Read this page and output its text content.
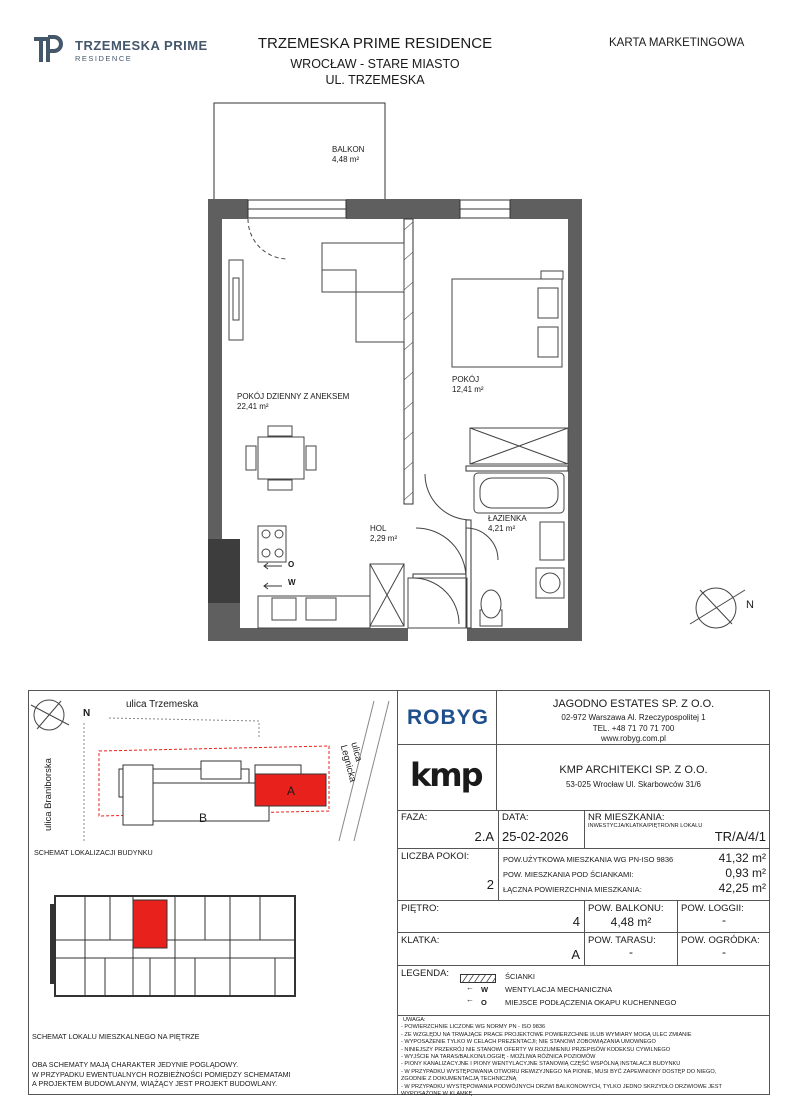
TRZEMESKA PRIME
RESIDENCE
TRZEMESKA PRIME RESIDENCE
WROCŁAW - STARE MIASTO
UL. TRZEMESKA
KARTA MARKETINGOWA
BALKON
4,48 m²
POKÓJ DZIENNY Z ANEKSEM
22,41 m²
POKÓJ
12,41 m²
HOL
2,29 m²
ŁAZIENKA
4,21 m²
O
W
N
ulica Trzemeska
ulica Braniborska
ulica Legnicka
N
A
B
SCHEMAT LOKALIZACJI BUDYNKU
SCHEMAT LOKALU MIESZKALNEGO NA PIĘTRZE
OBA SCHEMATY MAJĄ CHARAKTER JEDYNIE POGLĄDOWY.
W PRZYPADKU EWENTUALNYCH ROZBIEŻNOŚCI POMIĘDZY SCHEMATAMI
A PROJEKTEM BUDOWLANYM, WIĄŻĄCY JEST PROJEKT BUDOWLANY.
ROBYG
JAGODNO ESTATES SP. Z O.O.
02-972 Warszawa Al. Rzeczypospolitej 1
TEL. +48 71 70 71 700
www.robyg.com.pl
kmp	KMP ARCHITEKCI SP. Z O.O.
53-025 Wrocław Ul. Skarbowców 31/6
FAZA:
2.A
DATA:
25-02-2026
NR MIESZKANIA:
INWESTYCJA/KLATKA/PIĘTRO/NR LOKALU
TR/A/4/1
LICZBA POKOI:
2
POW.UŻYTKOWA MIESZKANIA WG PN-ISO 9836	41,32 m²
POW. MIESZKANIA POD ŚCIANKAMI:	0,93 m²
ŁĄCZNA POWIERZCHNIA MIESZKANIA:	42,25 m²
PIĘTRO:
4
POW. BALKONU:
4,48 m²
POW. LOGGII:
-
KLATKA:
A
POW. TARASU:
-
POW. OGRÓDKA:
-
LEGENDA:	ŚCIANKI
← W WENTYLACJA MECHANICZNA
← O MIEJSCE PODŁĄCZENIA OKAPU KUCHENNEGO
UWAGA:
- POWIERZCHNIE LICZONE WG NORMY PN - ISO 9836
- ZE WZGLĘDU NA TRWAJĄCE PRACE PROJEKTOWE POWIERZCHNIE I/LUB WYMIARY MOGĄ ULEC ZMIANIE
- WYPOSAŻENIE TYLKO W CELACH PREZENTACJI; NIE STANOWI ZOBOWIĄZANIA UMOWNEGO
- NINIEJSZY PRZEKRÓJ NIE STANOWI OFERTY W ROZUMIENIU PRZEPISÓW KODEKSU CYWILNEGO
- WYJŚCIE NA TARAS/BALKON/LOGGIĘ - MOŻLIWA RÓŻNICA POZIOMÓW
- PIONY KANALIZACYJNE I PIONY WENTYLACYJNE STANOWIĄ CZĘŚĆ WSPÓLNĄ INSTALACJI BUDYNKU
- W PRZYPADKU WYSTĘPOWANIA OTWORU REWIZYJNEGO NA PIONIE, MUSI BYĆ ZAPEWNIONY DOSTĘP DO NIEGO,
ZGODNIE Z DOKUMENTACJĄ TECHNICZNĄ
- W PRZYPADKU WYSTĘPOWANIA PODWÓJNYCH DRZWI BALKONOWYCH, TYLKO JEDNO SKRZYDŁO DRZWIOWE JEST
WYPOSAŻONE W KLAMKĘ
